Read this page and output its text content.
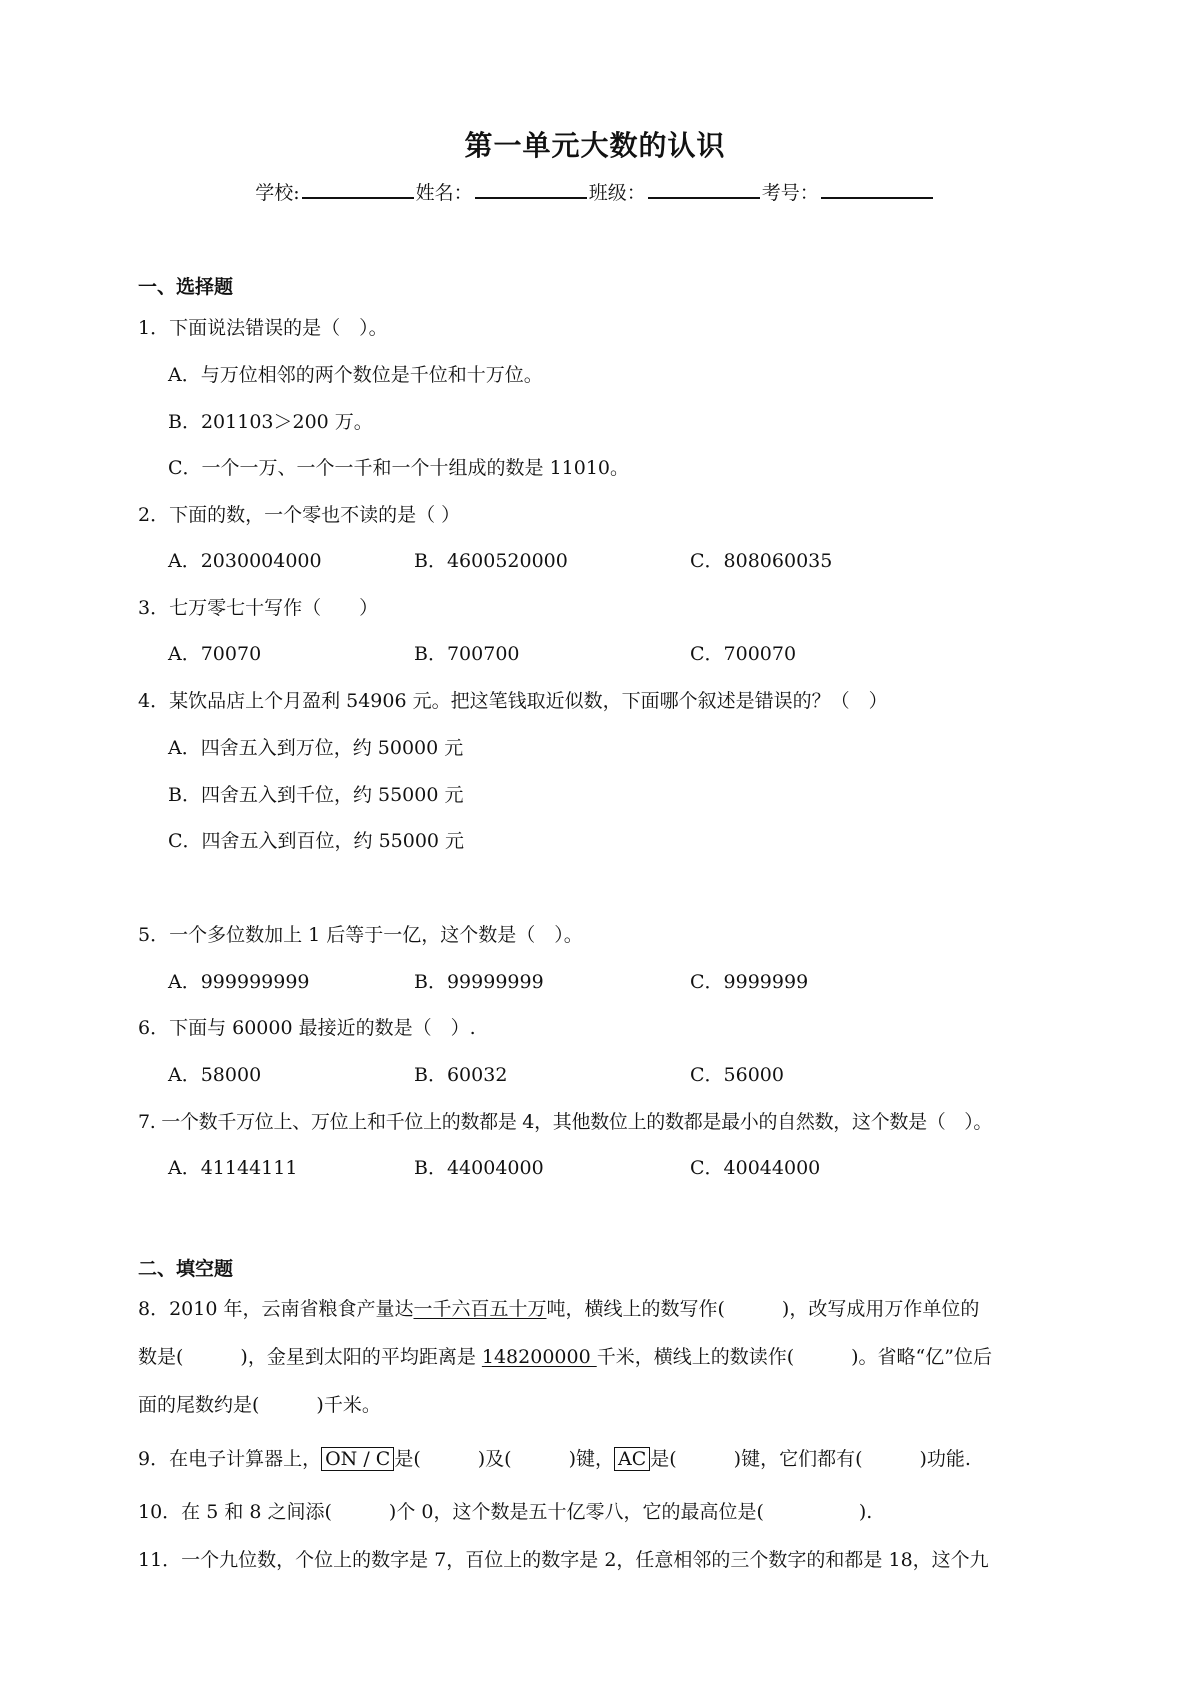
第一单元大数的认识
学校:	姓名：	班级：	考号：
一、选择题
1．下面说法错误的是（　）。
A．与万位相邻的两个数位是千位和十万位。
B．201103＞200 万。
C．一个一万、一个一千和一个十组成的数是 11010。
2．下面的数，一个零也不读的是（ ）
A．2030004000	B．4600520000	C．808060035
3．七万零七十写作（　　）
A．70070	B．700700	C．700070
4．某饮品店上个月盈利 54906 元。把这笔钱取近似数，下面哪个叙述是错误的？（　）
A．四舍五入到万位，约 50000 元
B．四舍五入到千位，约 55000 元
C．四舍五入到百位，约 55000 元
5．一个多位数加上 1 后等于一亿，这个数是（　）。
A．999999999	B．99999999	C．9999999
6．下面与 60000 最接近的数是（　）.
A．58000	B．60032	C．56000
7. 一个数千万位上、万位上和千位上的数都是 4，其他数位上的数都是最小的自然数，这个数是（　）。
A．41144111	B．44004000	C．40044000
二、填空题
8．2010 年，云南省粮食产量达一千六百五十万吨，横线上的数写作(　　　)，改写成用万作单位的
数是(　　　)，金星到太阳的平均距离是 148200000 千米，横线上的数读作(　　　)。省略“亿”位后
面的尾数约是(　　　)千米。
9．在电子计算器上， ON / C 是(　　　)及(　　　)键， AC 是(　　　)键，它们都有(　　　)功能.
10．在 5 和 8 之间添(　　　)个 0，这个数是五十亿零八，它的最高位是(　　　　　).
11．一个九位数，个位上的数字是 7，百位上的数字是 2，任意相邻的三个数字的和都是 18，这个九
